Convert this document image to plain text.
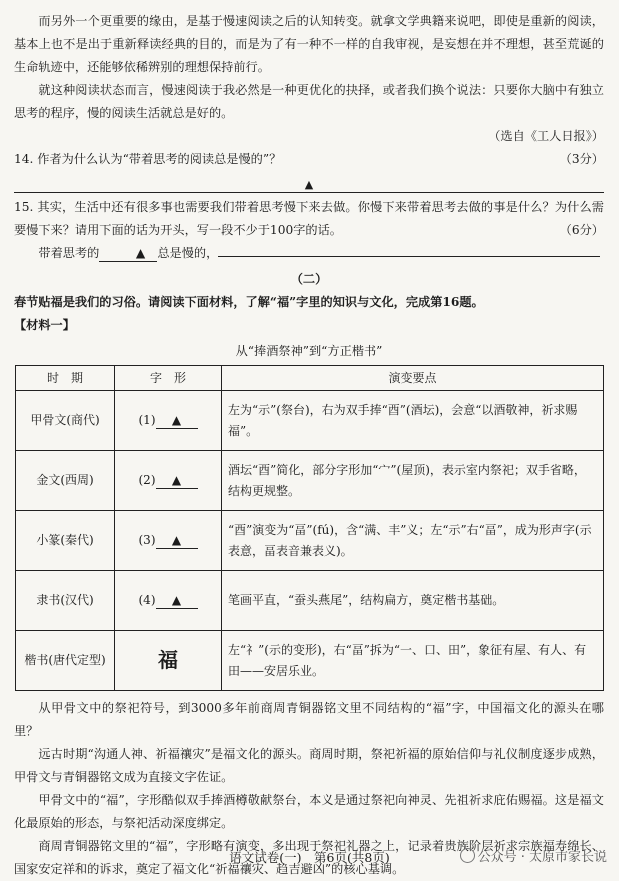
而另外一个更重要的缘由，是基于慢速阅读之后的认知转变。就拿文学典籍来说吧，即使是重新的阅读，基本上也不是出于重新释读经典的目的，而是为了有一种不一样的自我审视，是妄想在并不理想，甚至荒诞的生命轨迹中，还能够依稀辨别的理想保持前行。

就这种阅读状态而言，慢速阅读于我必然是一种更优化的抉择，或者我们换个说法：只要你大脑中有独立思考的程序，慢的阅读生活就总是好的。

（选自《工人日报》）

14. 作者为什么认为“带着思考的阅读总是慢的”？	（3分）
▲

15. 其实，生活中还有很多事也需要我们带着思考慢下来去做。你慢下来带着思考去做的事是什么？为什么需要慢下来？请用下面的话为开头，写一段不少于100字的话。	（6分）

带着思考的	▲ 总是慢的，

（二）

春节贴福是我们的习俗。请阅读下面材料，了解“福”字里的知识与文化，完成第16题。

【材料一】

从“捧酒祭神”到“方正楷书”

时　期	字　形	演变要点
甲骨文(商代)	(1) ▲	左为“示”(祭台)，右为双手捧“酉”(酒坛)，会意“以酒敬神，祈求赐福”。
金文(西周)	(2) ▲	酒坛“酉”简化，部分字形加“宀”(屋顶)，表示室内祭祀；双手省略，结构更规整。
小篆(秦代)	(3) ▲	“酉”演变为“畐”(fú)，含“满、丰”义；左“示”右“畐”，成为形声字(示表意，畐表音兼表义)。
隶书(汉代)	(4) ▲	笔画平直，“蚕头燕尾”，结构扁方，奠定楷书基础。
楷书(唐代定型)	福	左“礻”(示的变形)，右“畐”拆为“一、口、田”，象征有屋、有人、有田——安居乐业。

从甲骨文中的祭祀符号，到3000多年前商周青铜器铭文里不同结构的“福”字，中国福文化的源头在哪里？

远古时期“沟通人神、祈福禳灾”是福文化的源头。商周时期，祭祀祈福的原始信仰与礼仪制度逐步成熟，甲骨文与青铜器铭文成为直接文字佐证。

甲骨文中的“福”，字形酷似双手捧酒樽敬献祭台，本义是通过祭祀向神灵、先祖祈求庇佑赐福。这是福文化最原始的形态，与祭祀活动深度绑定。

商周青铜器铭文里的“福”，字形略有演变，多出现于祭祀礼器之上，记录着贵族阶层祈求宗族福寿绵长、国家安定祥和的诉求，奠定了福文化“祈福禳灾、趋吉避凶”的核心基调。

语文试卷(一)　第6页(共8页)	公众号 · 太原市家长说
